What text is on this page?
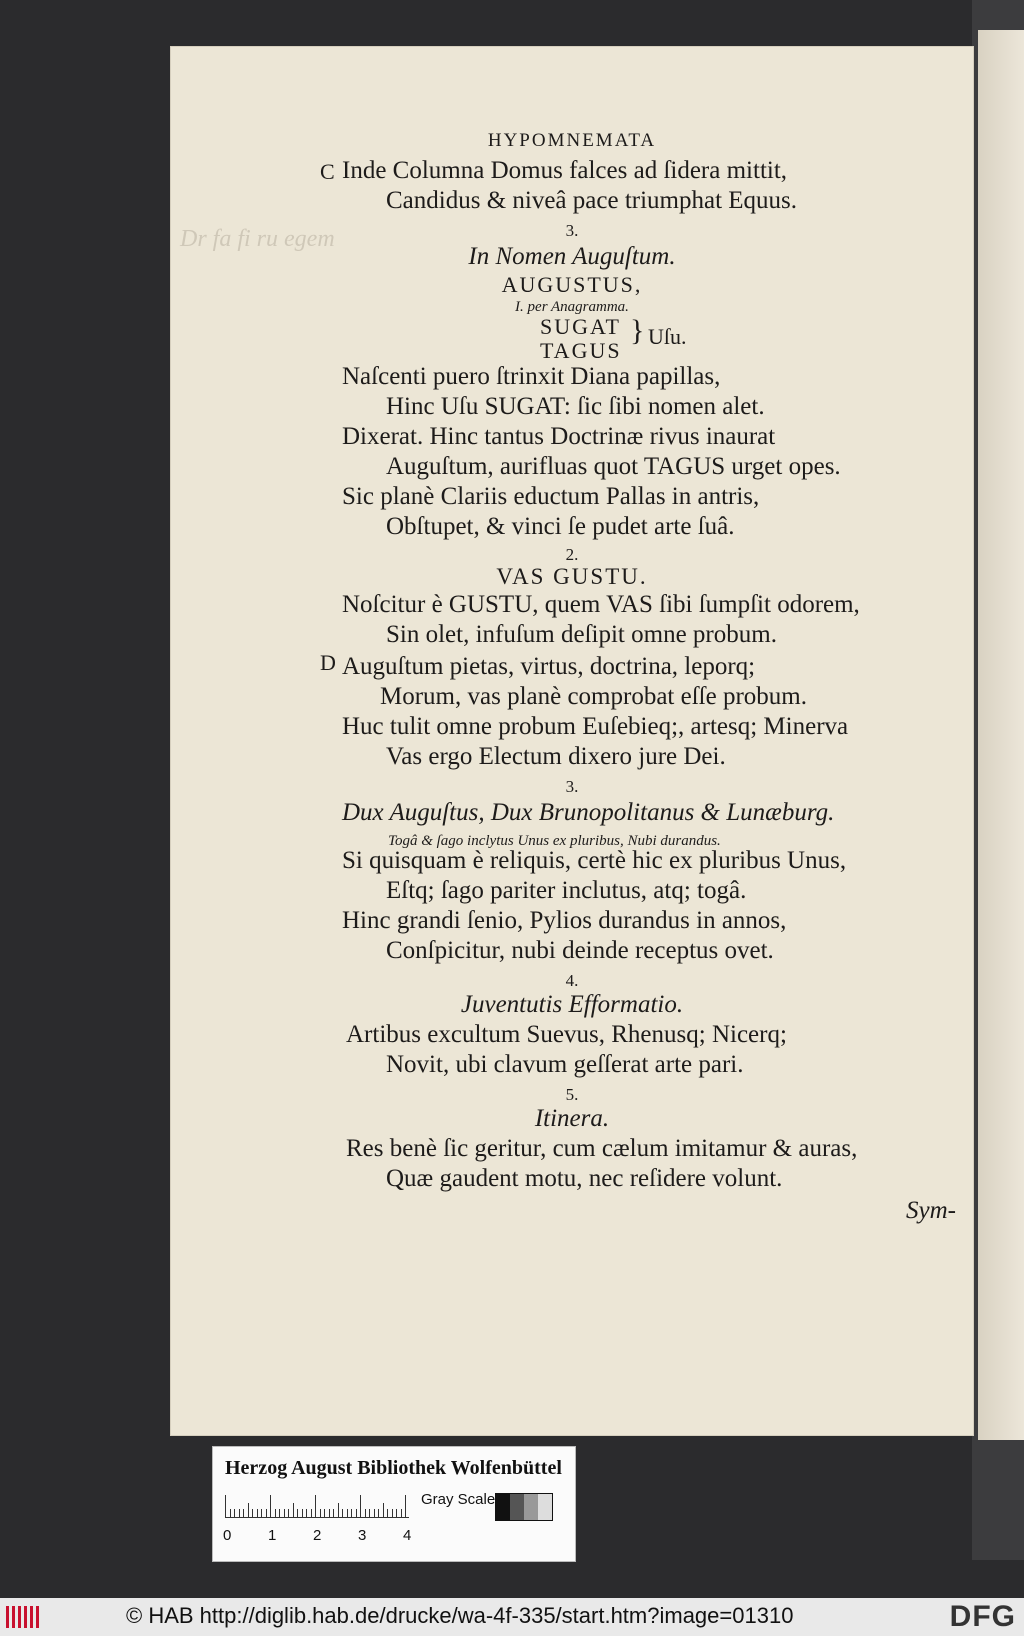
Dr fa fi ru egem
HYPOMNEMATA
C Inde Columna Domus falces ad ſidera mittit,
Candidus & niveâ pace triumphat Equus.
3.
In Nomen Auguſtum.
AUGUSTUS,
I. per Anagramma.
SUGAT
TAGUS
} Uſu.
Naſcenti puero ſtrinxit Diana papillas,
Hinc Uſu SUGAT: ſic ſibi nomen alet.
Dixerat. Hinc tantus Doctrinæ rivus inaurat
Auguſtum, aurifluas quot TAGUS urget opes.
Sic planè Clariis eductum Pallas in antris,
Obſtupet, & vinci ſe pudet arte ſuâ.
2.
VAS GUSTU.
Noſcitur è GUSTU, quem VAS ſibi ſumpſit odorem,
Sin olet, infuſum deſipit omne probum.
D Auguſtum pietas, virtus, doctrina, leporq;
Morum, vas planè comprobat eſſe probum.
Huc tulit omne probum Euſebieq;, artesq; Minerva
Vas ergo Electum dixero jure Dei.
3.
Dux Auguſtus, Dux Brunopolitanus & Lunæburg.
Togâ & ſago inclytus Unus ex pluribus, Nubi durandus.
Si quisquam è reliquis, certè hic ex pluribus Unus,
Eſtq; ſago pariter inclutus, atq; togâ.
Hinc grandi ſenio, Pylios durandus in annos,
Conſpicitur, nubi deinde receptus ovet.
4.
Juventutis Efformatio.
Artibus excultum Suevus, Rhenusq; Nicerq;
Novit, ubi clavum geſſerat arte pari.
5.
Itinera.
Res benè ſic geritur, cum cælum imitamur & auras,
Quæ gaudent motu, nec reſidere volunt.
Sym-
Herzog August Bibliothek Wolfenbüttel
0 1 2 3 4
Gray Scale
© HAB http://diglib.hab.de/drucke/wa-4f-335/start.htm?image=01310	DFG
